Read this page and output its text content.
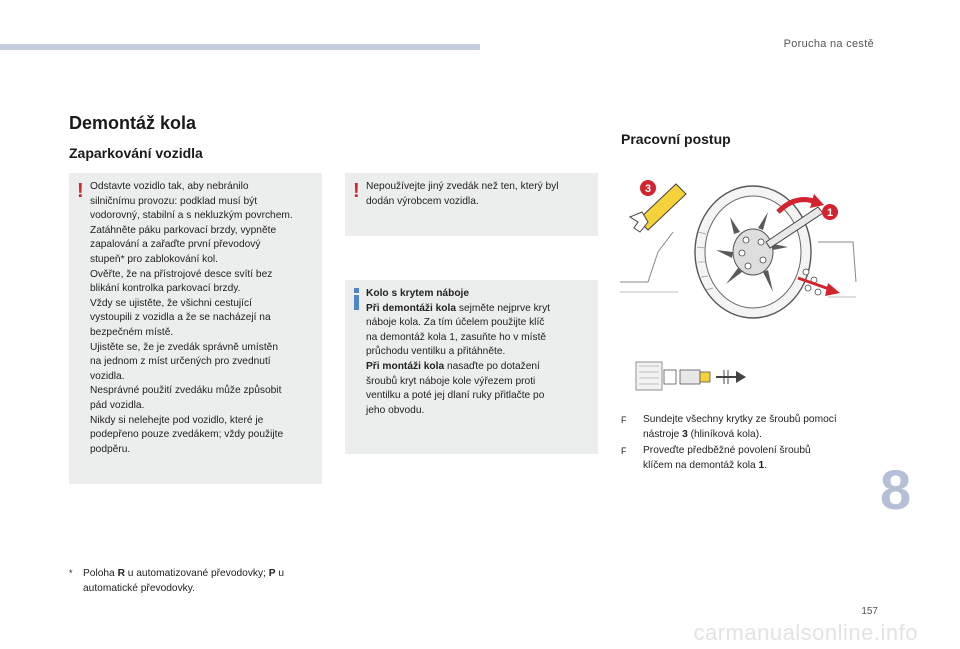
Porucha na cestě
Demontáž kola
Zaparkování vozidla
! Odstavte vozidlo tak, aby nebránilo
silničnímu provozu: podklad musí být
vodorovný, stabilní a s nekluzkým povrchem.
Zatáhněte páku parkovací brzdy, vypněte
zapalování a zařaďte první převodový
stupeň* pro zablokování kol.
Ověřte, že na přístrojové desce svítí bez
blikání kontrolka parkovací brzdy.
Vždy se ujistěte, že všichni cestující
vystoupili z vozidla a že se nacházejí na
bezpečném místě.
Ujistěte se, že je zvedák správně umístěn
na jednom z míst určených pro zvednutí
vozidla.
Nesprávné použití zvedáku může způsobit
pád vozidla.
Nikdy si nelehejte pod vozidlo, které je
podepřeno pouze zvedákem; vždy použijte
podpěru.
* Poloha R u automatizované převodovky; P u
automatické převodovky.
! Nepoužívejte jiný zvedák než ten, který byl
dodán výrobcem vozidla.
Kolo s krytem náboje
Při demontáži kola sejměte nejprve kryt
náboje kola. Za tím účelem použijte klíč
na demontáž kola 1, zasuňte ho v místě
průchodu ventilku a přitáhněte.
Při montáži kola nasaďte po dotažení
šroubů kryt náboje kole výřezem proti
ventilku a poté jej dlaní ruky přitlačte po
jeho obvodu.
Pracovní postup
3
1
F Sundejte všechny krytky ze šroubů pomocí
nástroje 3 (hliníková kola).
F Proveďte předběžné povolení šroubů
klíčem na demontáž kola 1.	8
157
carmanualsonline.info
